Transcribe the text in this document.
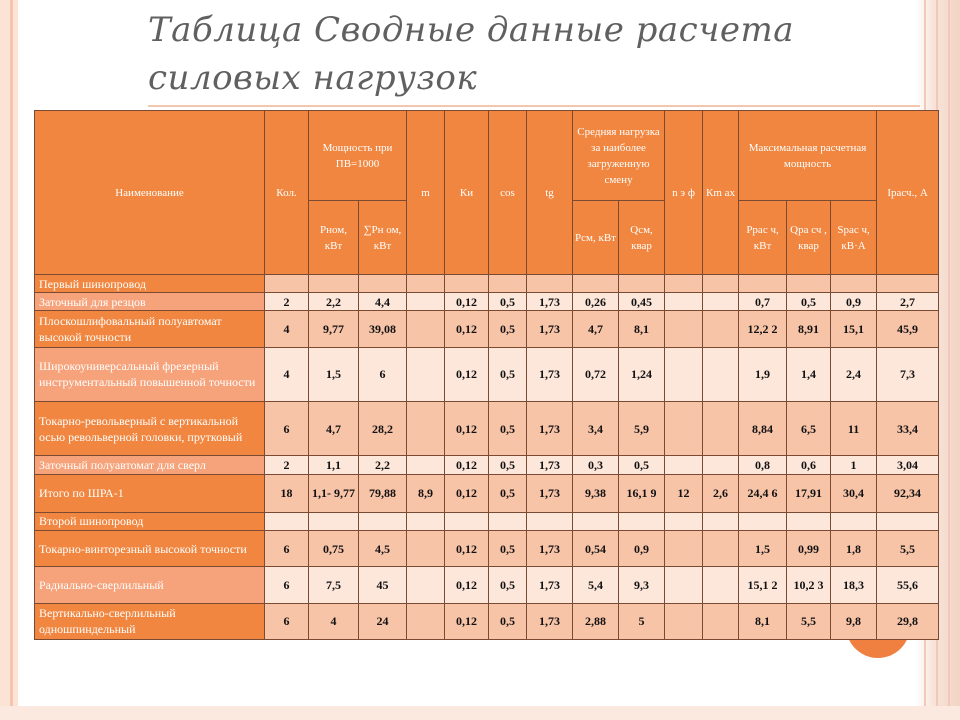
Таблица Сводные данные расчета
силовых нагрузок
Наименование	Кол.	Мощность при ПВ=1000		m	Ки	cos	tg	Средняя нагрузка за наиболее загруженную смену		n э ф	Кm ax	Максимальная расчетная мощность			Iрасч., А
		Рном, кВт	∑Рн ом, кВт					Рсм, кВт	Qсм, квар			Ррас ч, кВт	Qра сч , квар	Sрас ч, кВ·А	
Первый шинопровод															
Заточный для резцов	2	2,2	4,4		0,12	0,5	1,73	0,26	0,45			0,7	0,5	0,9	2,7
Плоскошлифовальный полуавтомат высокой точности	4	9,77	39,08		0,12	0,5	1,73	4,7	8,1			12,2 2	8,91	15,1	45,9
Широкоуниверсальный фрезерный инструментальный повышенной точности	4	1,5	6		0,12	0,5	1,73	0,72	1,24			1,9	1,4	2,4	7,3
Токарно-револьверный с вертикальной осью револьверной головки, прутковый	6	4,7	28,2		0,12	0,5	1,73	3,4	5,9			8,84	6,5	11	33,4
Заточный полуавтомат для сверл	2	1,1	2,2		0,12	0,5	1,73	0,3	0,5			0,8	0,6	1	3,04
Итого по ШРА-1	18	1,1- 9,77	79,88	8,9	0,12	0,5	1,73	9,38	16,1 9	12	2,6	24,4 6	17,91	30,4	92,34
Второй шинопровод															
Токарно-винторезный высокой точности	6	0,75	4,5		0,12	0,5	1,73	0,54	0,9			1,5	0,99	1,8	5,5
Радиально-сверлильный	6	7,5	45		0,12	0,5	1,73	5,4	9,3			15,1 2	10,2 3	18,3	55,6
Вертикально-сверлильный одношпиндельный	6	4	24		0,12	0,5	1,73	2,88	5			8,1	5,5	9,8	29,8
